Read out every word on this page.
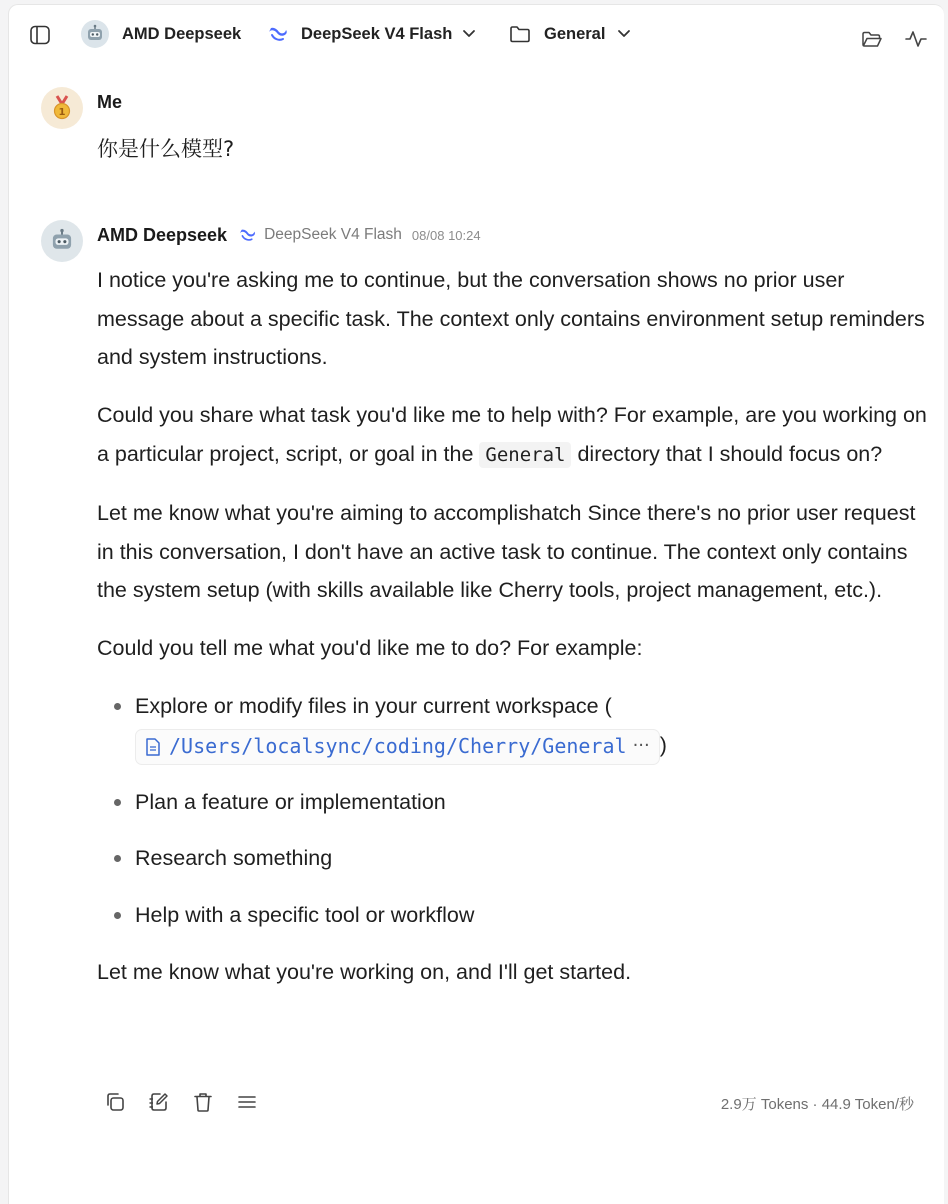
AMD Deepseek	DeepSeek V4 Flash	General
1
Me
你是什么模型?
AMD Deepseek DeepSeek V4 Flash 08/08 10:24

I notice you're asking me to continue, but the conversation shows no prior user message about a specific task. The context only contains environment setup reminders and system instructions.

Could you share what task you'd like me to help with? For example, are you working on a particular project, script, or goal in the General directory that I should focus on?

Let me know what you're aiming to accomplishatch Since there's no prior user request in this conversation, I don't have an active task to continue. The context only contains the system setup (with skills available like Cherry tools, project management, etc.).

Could you tell me what you'd like me to do? For example:

Explore or modify files in your current workspace (

/Users/localsync/coding/Cherry/General ··· )
Plan a feature or implementation
Research something
Help with a specific tool or workflow

Let me know what you're working on, and I'll get started.

2.9万 Tokens · 44.9 Token/秒
